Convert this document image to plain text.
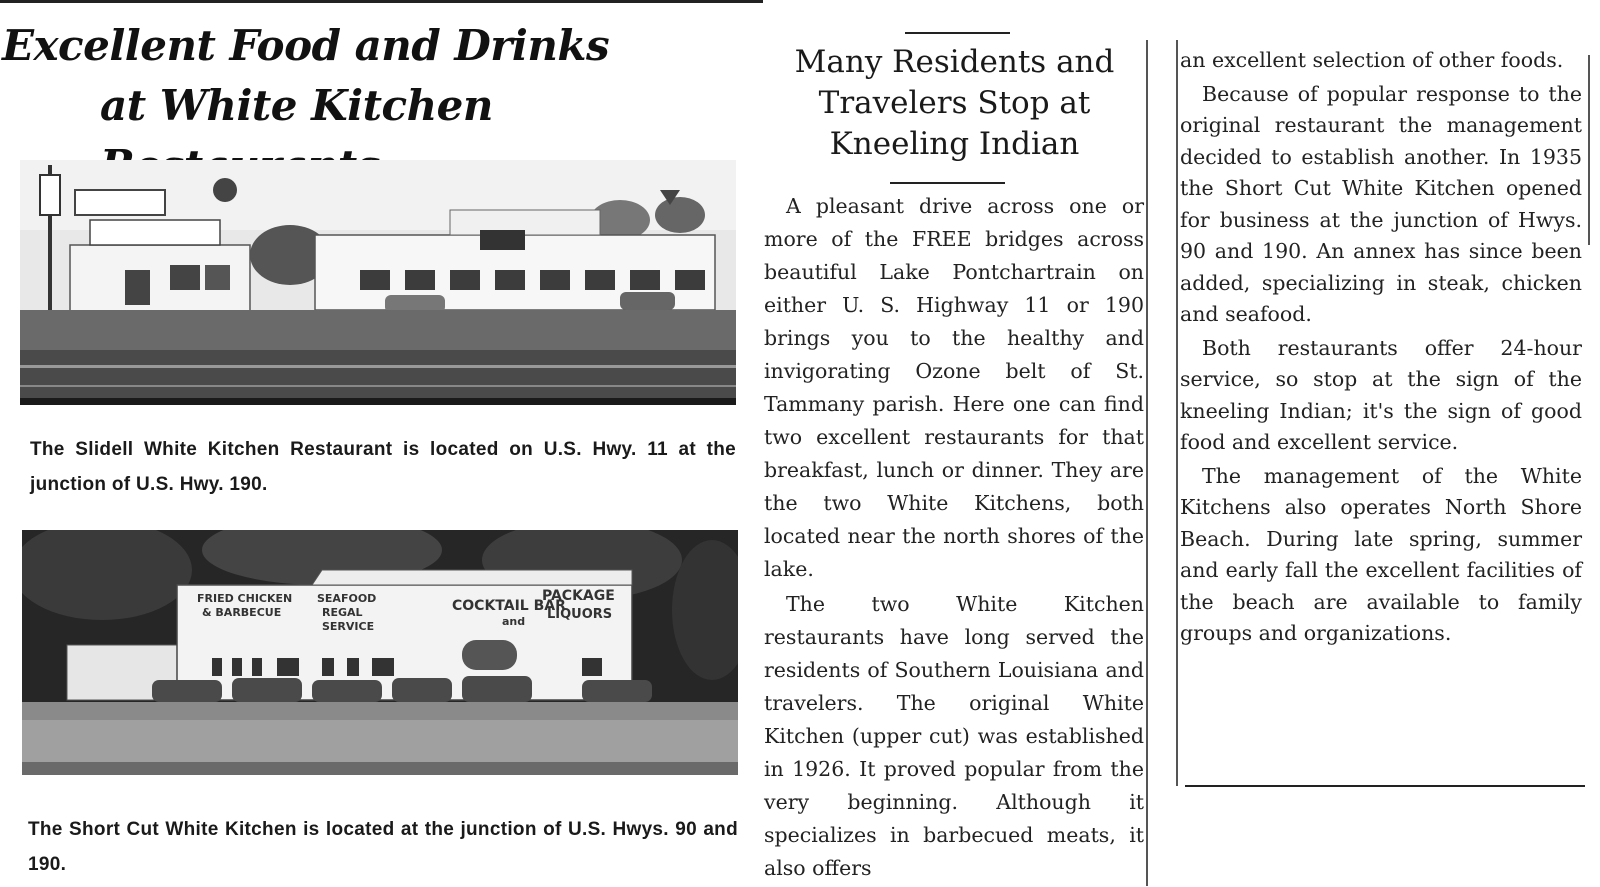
Excellent Food and Drinks
at White Kitchen
The Slidell White Kitchen Restaurant is located on U.S. Hwy. 11 at the junction of U.S. Hwy. 190.
FRIED CHICKEN
& BARBECUE
SEAFOOD
REGAL
SERVICE
COCKTAIL BAR
PACKAGE
LIQUORS
and
The Short Cut White Kitchen is located at the junction of U.S. Hwys. 90 and 190.
Many Residents and
Travelers Stop at
Kneeling Indian

A pleasant drive across one or more of the FREE bridges across beautiful Lake Pontchartrain on either U. S. Highway 11 or 190 brings you to the healthy and invigorating Ozone belt of St. Tammany parish. Here one can find two excellent restaurants for that breakfast, lunch or dinner. They are the two White Kitchens, both located near the north shores of the lake.

The two White Kitchen restaurants have long served the residents of Southern Louisiana and travelers. The original White Kitchen (upper cut) was established in 1926. It proved popular from the very beginning. Although it specializes in barbecued meats, it also offers

an excellent selection of other foods.

Because of popular response to the original restaurant the management decided to establish another. In 1935 the Short Cut White Kitchen opened for business at the junction of Hwys. 90 and 190. An annex has since been added, specializing in steak, chicken and seafood.

Both restaurants offer 24-hour service, so stop at the sign of the kneeling Indian; it's the sign of good food and excellent service.

The management of the White Kitchens also operates North Shore Beach. During late spring, summer and early fall the excellent facilities of the beach are available to family groups and organizations.
